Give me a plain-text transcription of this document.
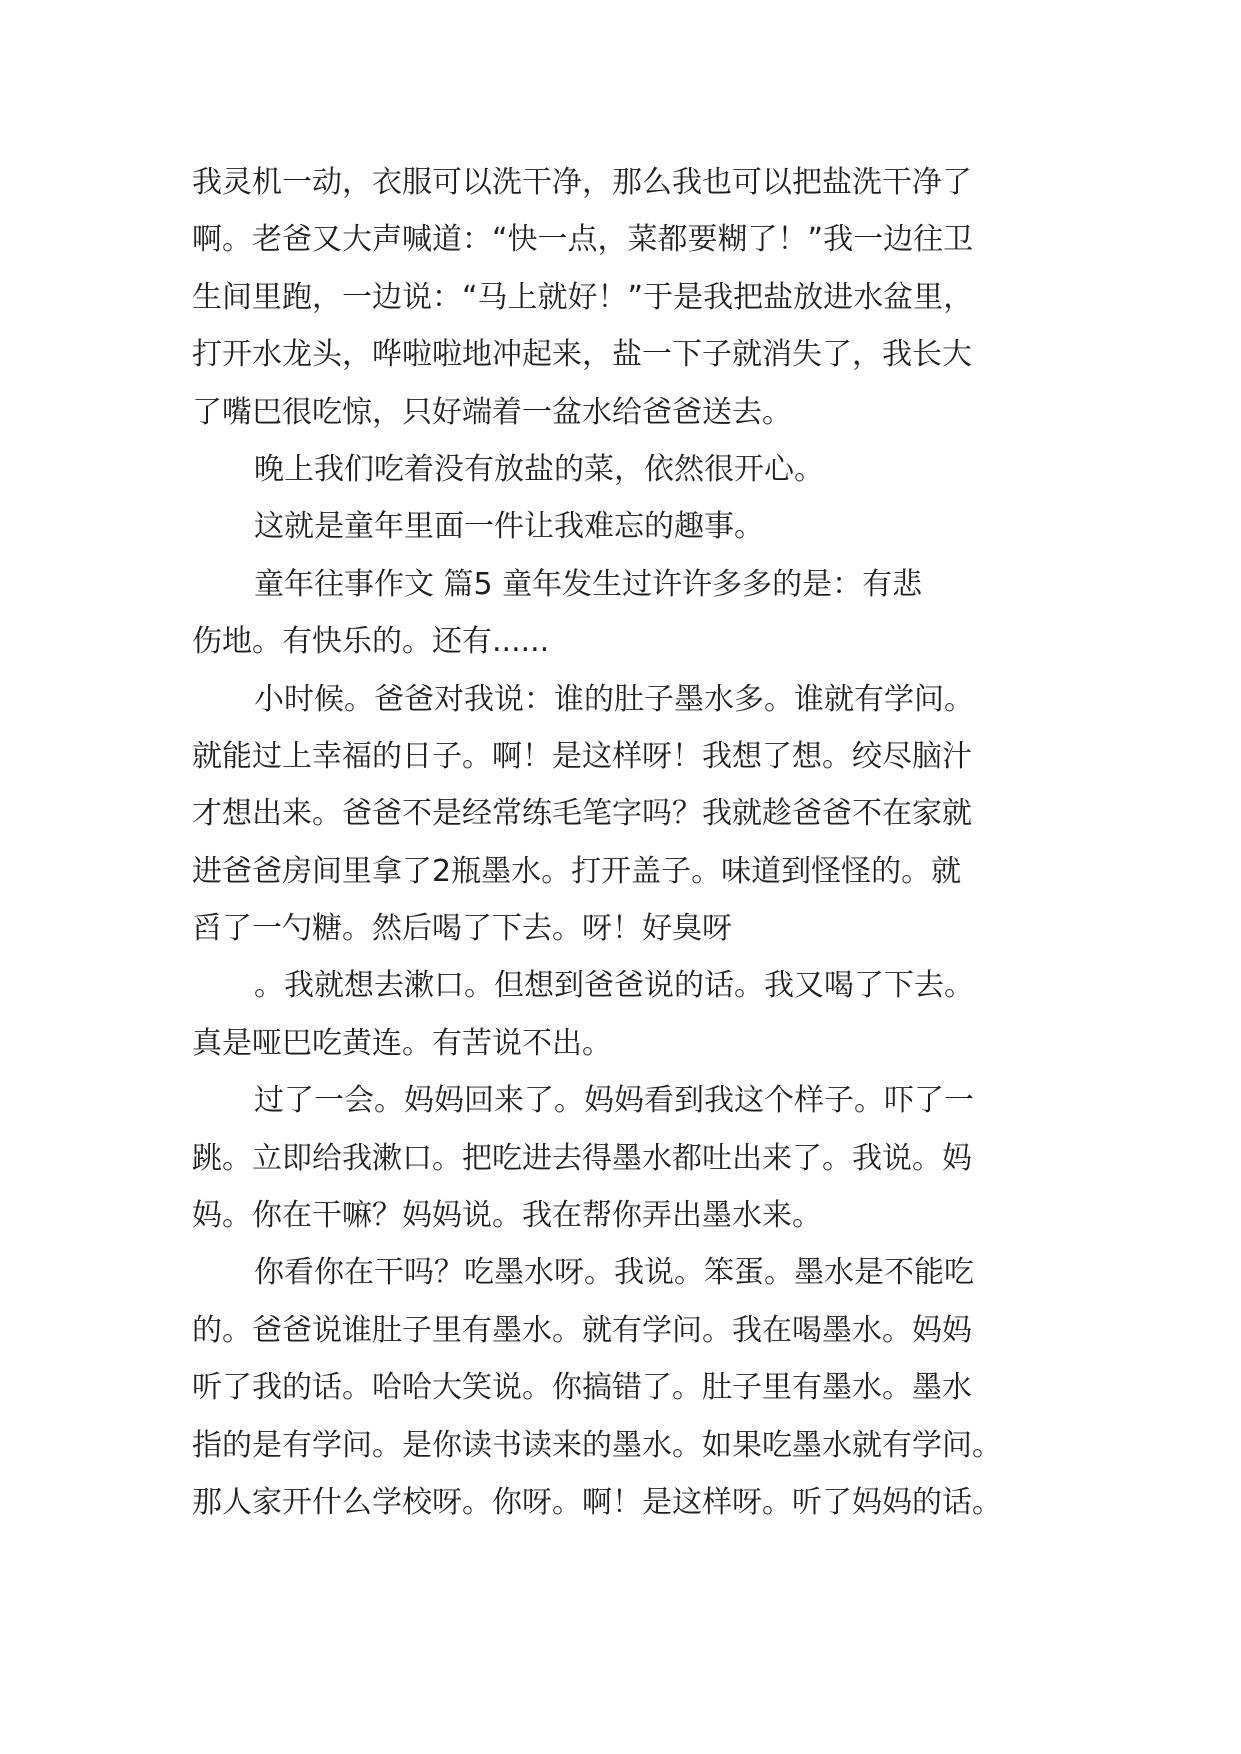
我灵机一动，衣服可以洗干净，那么我也可以把盐洗干净了
啊。老爸又大声喊道：“快一点，菜都要糊了！”我一边往卫
生间里跑，一边说：“马上就好！”于是我把盐放进水盆里，
打开水龙头，哗啦啦地冲起来，盐一下子就消失了，我长大
了嘴巴很吃惊，只好端着一盆水给爸爸送去。
晚上我们吃着没有放盐的菜，依然很开心。
这就是童年里面一件让我难忘的趣事。
童年往事作文 篇5 童年发生过许许多多的是：有悲
伤地。有快乐的。还有......
小时候。爸爸对我说：谁的肚子墨水多。谁就有学问。
就能过上幸福的日子。啊！是这样呀！我想了想。绞尽脑汁
才想出来。爸爸不是经常练毛笔字吗？我就趁爸爸不在家就
进爸爸房间里拿了2瓶墨水。打开盖子。味道到怪怪的。就
舀了一勺糖。然后喝了下去。呀！好臭呀
。我就想去漱口。但想到爸爸说的话。我又喝了下去。
真是哑巴吃黄连。有苦说不出。
过了一会。妈妈回来了。妈妈看到我这个样子。吓了一
跳。立即给我漱口。把吃进去得墨水都吐出来了。我说。妈
妈。你在干嘛？妈妈说。我在帮你弄出墨水来。
你看你在干吗？吃墨水呀。我说。笨蛋。墨水是不能吃
的。爸爸说谁肚子里有墨水。就有学问。我在喝墨水。妈妈
听了我的话。哈哈大笑说。你搞错了。肚子里有墨水。墨水
指的是有学问。是你读书读来的墨水。如果吃墨水就有学问。
那人家开什么学校呀。你呀。啊！是这样呀。听了妈妈的话。
